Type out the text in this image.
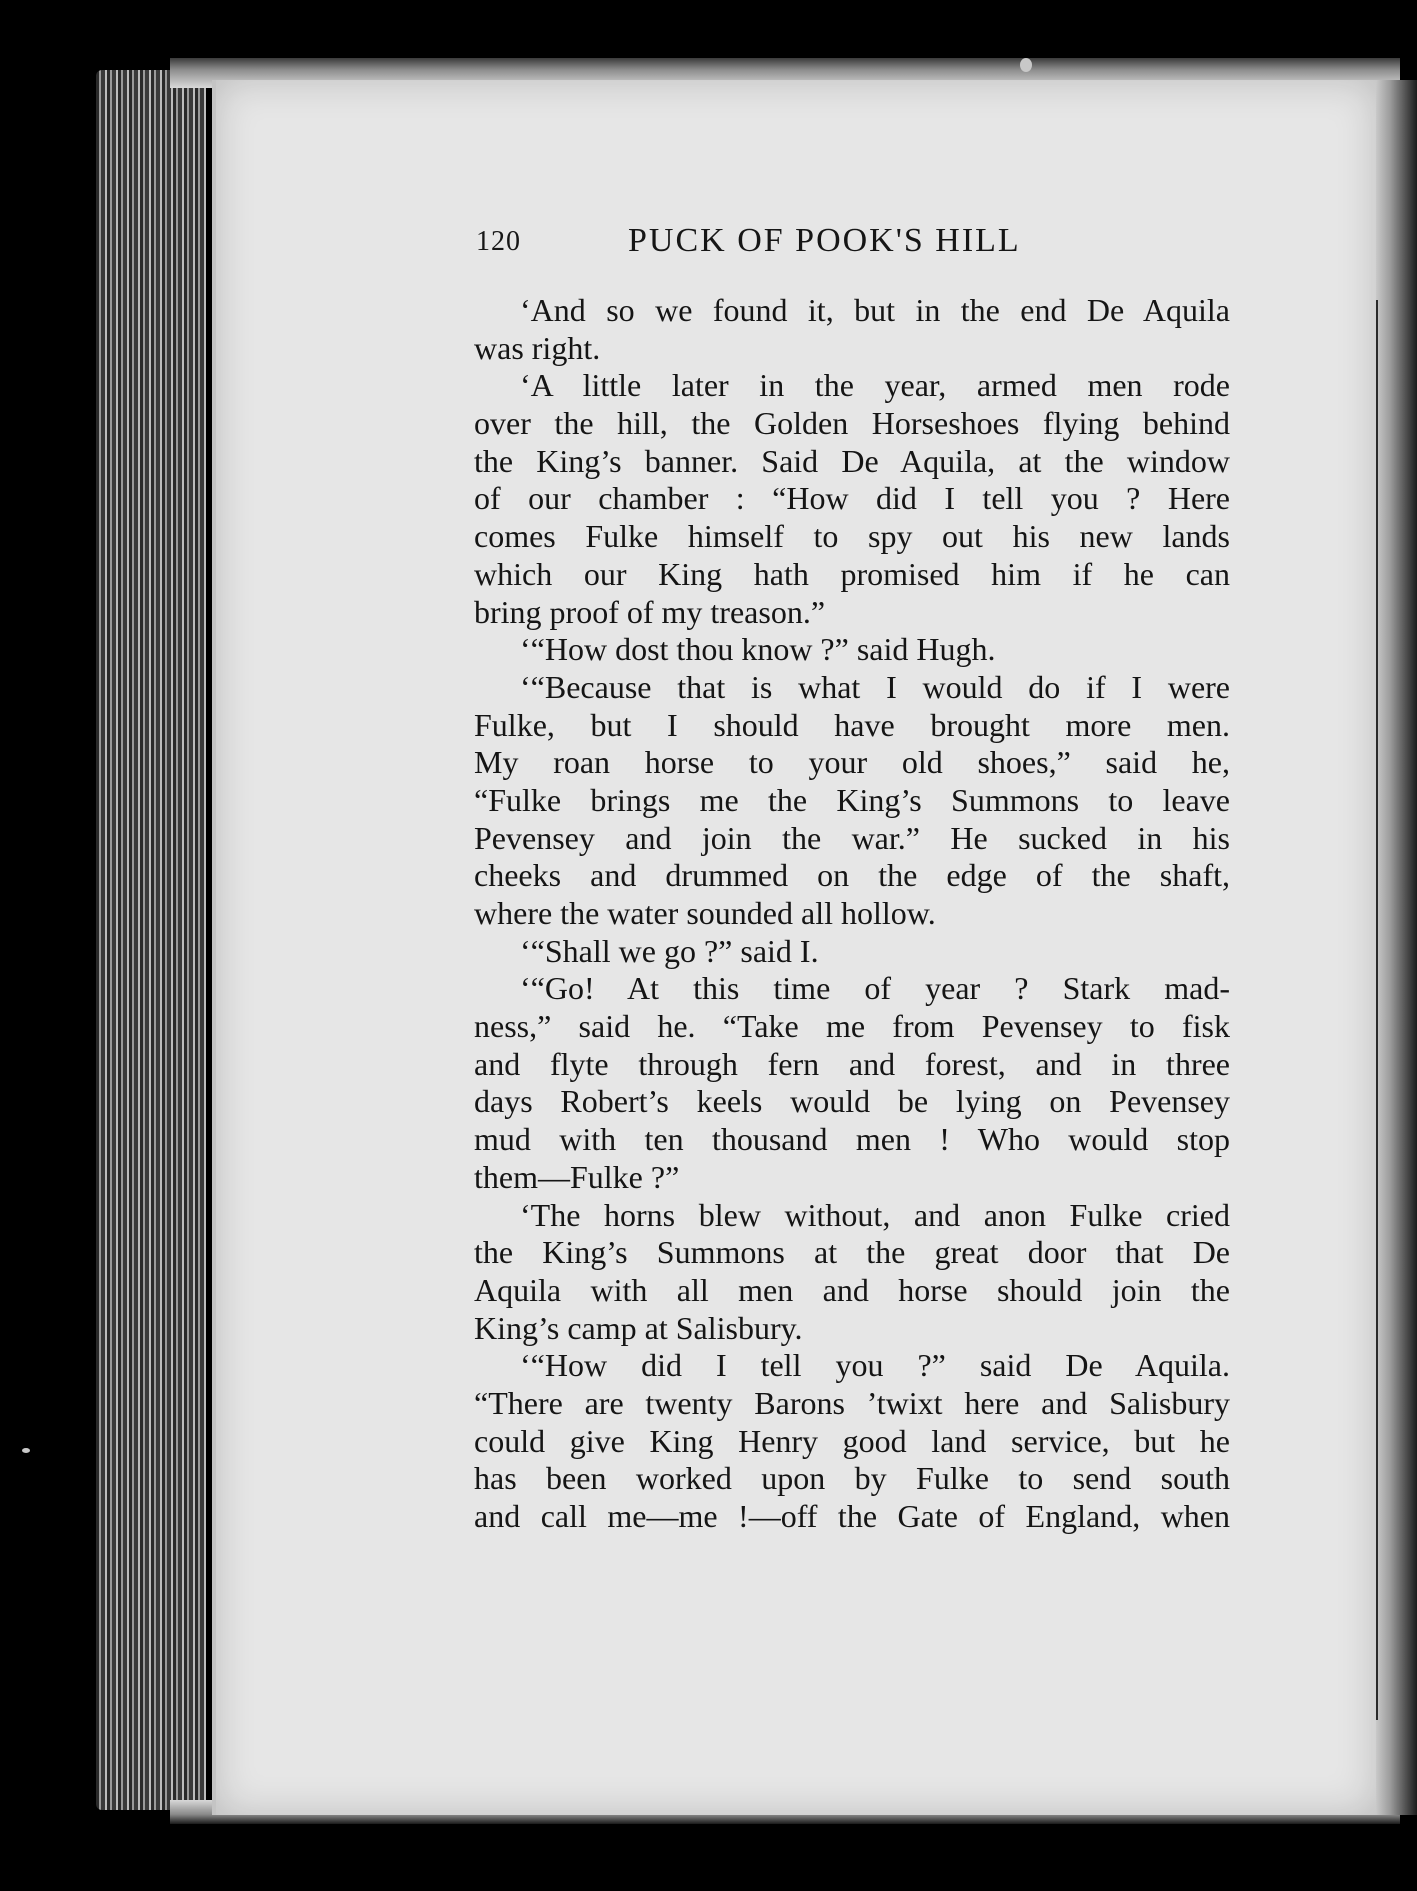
120	PUCK OF POOK'S HILL
‘And so we found it, but in the end De Aquila
was right.
‘A little later in the year, armed men rode
over the hill, the Golden Horseshoes flying behind
the King’s banner. Said De Aquila, at the window
of our chamber : “How did I tell you ? Here
comes Fulke himself to spy out his new lands
which our King hath promised him if he can
bring proof of my treason.”
‘“How dost thou know ?” said Hugh.
‘“Because that is what I would do if I were
Fulke, but I should have brought more men.
My roan horse to your old shoes,” said he,
“Fulke brings me the King’s Summons to leave
Pevensey and join the war.” He sucked in his
cheeks and drummed on the edge of the shaft,
where the water sounded all hollow.
‘“Shall we go ?” said I.
‘“Go! At this time of year ? Stark mad-
ness,” said he. “Take me from Pevensey to fisk
and flyte through fern and forest, and in three
days Robert’s keels would be lying on Pevensey
mud with ten thousand men ! Who would stop
them—Fulke ?”
‘The horns blew without, and anon Fulke cried
the King’s Summons at the great door that De
Aquila with all men and horse should join the
King’s camp at Salisbury.
‘“How did I tell you ?” said De Aquila.
“There are twenty Barons ’twixt here and Salisbury
could give King Henry good land service, but he
has been worked upon by Fulke to send south
and call me—me !—off the Gate of England, when
